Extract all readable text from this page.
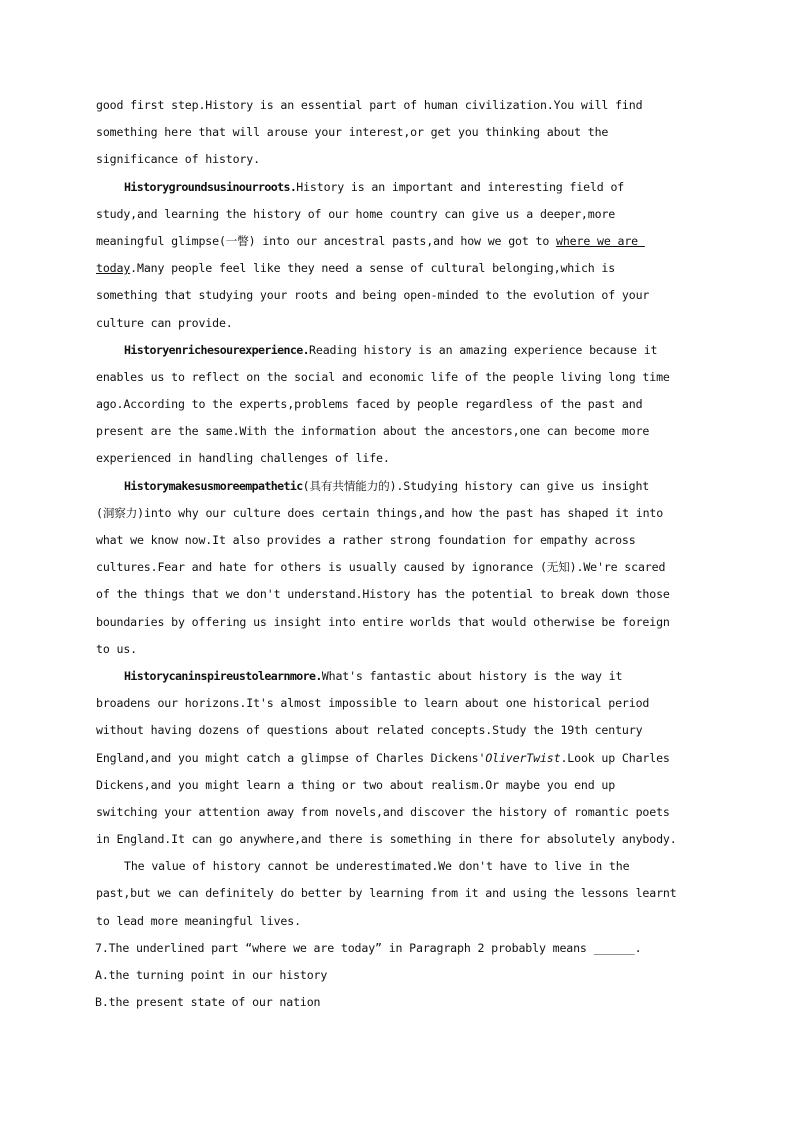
good first step.History is an essential part of human civilization.You will find
something here that will arouse your interest,or get you thinking about the
significance of history.
Historygroundsusinourroots.History is an important and interesting field of
study,and learning the history of our home country can give us a deeper,more
meaningful glimpse(一瞥) into our ancestral pasts,and how we got to where we are
today.Many people feel like they need a sense of cultural belonging,which is
something that studying your roots and being open-minded to the evolution of your
culture can provide.
Historyenrichesourexperience.Reading history is an amazing experience because it
enables us to reflect on the social and economic life of the people living long time
ago.According to the experts,problems faced by people regardless of the past and
present are the same.With the information about the ancestors,one can become more
experienced in handling challenges of life.
Historymakesusmoreempathetic(具有共情能力的).Studying history can give us insight
(洞察力)into why our culture does certain things,and how the past has shaped it into
what we know now.It also provides a rather strong foundation for empathy across
cultures.Fear and hate for others is usually caused by ignorance (无知).We're scared
of the things that we don't understand.History has the potential to break down those
boundaries by offering us insight into entire worlds that would otherwise be foreign
to us.
Historycaninspireustolearnmore.What's fantastic about history is the way it
broadens our horizons.It's almost impossible to learn about one historical period
without having dozens of questions about related concepts.Study the 19th century
England,and you might catch a glimpse of Charles Dickens'OliverTwist.Look up Charles
Dickens,and you might learn a thing or two about realism.Or maybe you end up
switching your attention away from novels,and discover the history of romantic poets
in England.It can go anywhere,and there is something in there for absolutely anybody.
The value of history cannot be underestimated.We don't have to live in the
past,but we can definitely do better by learning from it and using the lessons learnt
to lead more meaningful lives.
7.The underlined part “where we are today” in Paragraph 2 probably means ______.
A.the turning point in our history
B.the present state of our nation
